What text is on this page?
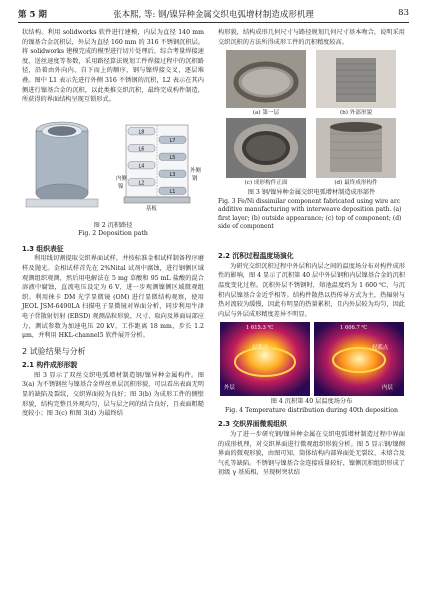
第 5 期	张本熙, 等: 钢/镍异种金属交织电弧增材制造成形机理	83

状结构。利用 solidworks 软件进行建模，内层为直径 140 mm 的镍基合金沉积层，外层为直径 160 mm 的 316 不锈钢沉积层。将 solidworks 建模完成的模型进行切片处理后，综合考量焊接速度、送丝速度等参数，采用路径算法规划工件焊接过程中的沉积路径，沿着由外向内、自下而上的顺序，钢与镍焊接交叉，逐层堆叠。图中 L1 表示先进行外侧 316 不锈钢的沉积，L2 表示在其内侧进行镍基合金的沉积，以此类推交织沉积，最终完成构件制造，所获得的界面结构呈现互锁形式。

L8
L7
L6
L5
L4
L3
L2
L1
内侧
镍
外侧
钢
基板
图 2 沉积路径
Fig. 2 Deposition path

1.3 组织表征

利用线切割提取交织界面试样，并按标准金相试样制备程序磨样及抛光。金相试样首先在 2%Nital 试剂中腐蚀，进行钢侧区域观测组织观测，然后用电解法在 5 mg 草酸和 95 mL 盐酸的混合溶液中腐蚀，直流电压设定为 6 V，进一步观测镍侧区域微观组织。利用徕卡 DM 光学显微镜 (OM) 进行显微结构观察，使用 JEOL JSM-6490LA 扫描电子显微镜对界面分析，同步利用牛津电子背散射衍射 (EBSD) 观测晶粒形貌、尺寸、取向及界面局部应力，测试参数为加速电压 20 kV，工作距离 18 mm，步长 1.2 μm，并利用 HKL-channel5 软件展开分析。

2 试验结果与分析

2.1 构件成形形貌

图 3 显示了双丝交织电弧增材制造钢/镍异种金属构件。图 3(a) 为不锈钢丝与镍基合金焊丝单层沉积形貌，可以看出表面无明显的缺陷及裂纹，交织界面较为良好；图 3(b) 为成形工件的侧壁形貌，结构完整且外观均匀，层与层之间的结合良好，且表面粗糙度较小；图 3(c) 和图 3(d) 为最终结

构形貌，结构成形几何尺寸与路径规划几何尺寸基本吻合，说明采用交织沉积的方法所得成形工件的沉积精度较高。

(a) 第一层	(b) 外部形貌
(c) 成形构件正面	(d) 最终成形构件
图 3 钢/镍异种金属交织电弧增材制造成形部件
Fig. 3 Fe/Ni dissimilar component fabricated using wire arc additive manufacturing with interweave deposition path. (a) first layer; (b) outside appearance; (c) top of component; (d) side of component

2.2 沉积过程温度场演化

为研究交织沉积过程中外层和内层之间的温度场分布对构件成形性的影响，图 4 显示了沉积第 40 层中外层钢和内层镍基合金的沉积温度变化过程。沉积外层不锈钢时，熔池温度约为 1 600 ℃，与沉积内层镍基合金近乎相等。结构件散热以热传导方式为主，热辐射与热对流较为缓慢，因此有明显的热量累积，且内外层较为均匀，因此内层与外层成形精度差异不明显。

1 615.3 ℃	1 606.7 ℃
起弧点	起弧点
外层	内层
图 4 沉积第 40 层温度场分布
Fig. 4 Temperature distribution during 40th deposition

2.3 交织界面微观组织

为了进一步研究钢/镍异种金属在交织电弧增材制造过程中界面的成形机理，对交织界面进行微观组织形貌分析。图 5 显示钢/镍侧界面的微观形貌，由图可知，筒体结构内部界面处无裂纹、未熔合及气孔等缺陷。不锈钢与镍基合金连接质量较好，镍侧沉积组织形成了初级 γ 基质相，呈现树突状结
